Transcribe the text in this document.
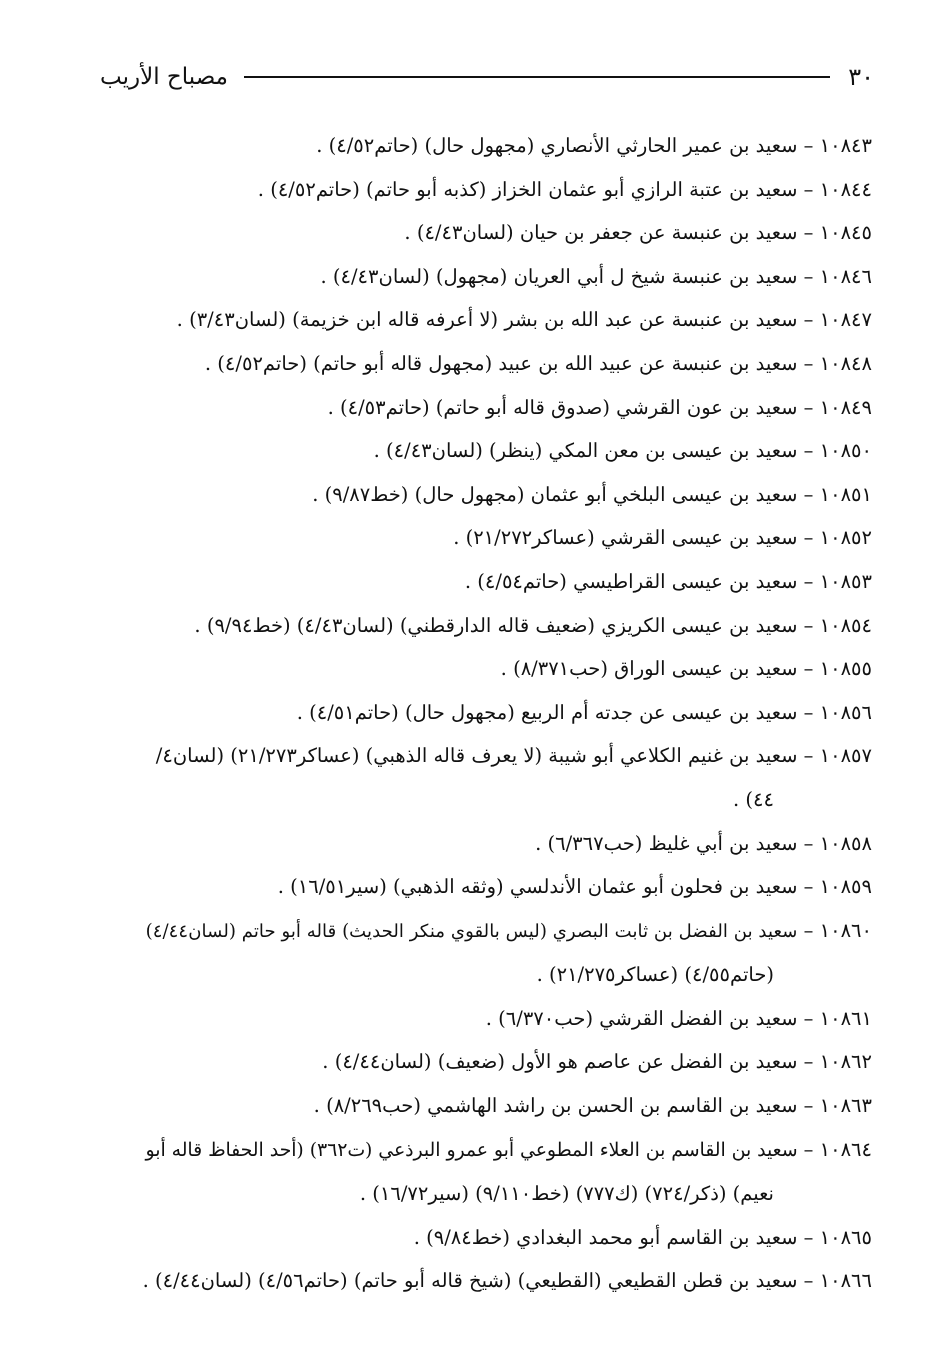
٣٠
مصباح الأريب
١٠٨٤٣ – سعيد بن عمير الحارثي الأنصاري (مجهول حال) (حاتم٤/٥٢) .
١٠٨٤٤ – سعيد بن عتبة الرازي أبو عثمان الخزاز (كذبه أبو حاتم) (حاتم٤/٥٢) .
١٠٨٤٥ – سعيد بن عنبسة عن جعفر بن حيان (لسان٤/٤٣) .
١٠٨٤٦ – سعيد بن عنبسة شيخ ل أبي العريان (مجهول) (لسان٤/٤٣) .
١٠٨٤٧ – سعيد بن عنبسة عن عبد الله بن بشر (لا أعرفه قاله ابن خزيمة) (لسان٣/٤٣) .
١٠٨٤٨ – سعيد بن عنبسة عن عبيد الله بن عبيد (مجهول قاله أبو حاتم) (حاتم٤/٥٢) .
١٠٨٤٩ – سعيد بن عون القرشي (صدوق قاله أبو حاتم) (حاتم٤/٥٣) .
١٠٨٥٠ – سعيد بن عيسى بن معن المكي (ينظر) (لسان٤/٤٣) .
١٠٨٥١ – سعيد بن عيسى البلخي أبو عثمان (مجهول حال) (خط٩/٨٧) .
١٠٨٥٢ – سعيد بن عيسى القرشي (عساكر٢١/٢٧٢) .
١٠٨٥٣ – سعيد بن عيسى القراطيسي (حاتم٤/٥٤) .
١٠٨٥٤ – سعيد بن عيسى الكريزي (ضعيف قاله الدارقطني) (لسان٤/٤٣) (خط٩/٩٤) .
١٠٨٥٥ – سعيد بن عيسى الوراق (حب٨/٣٧١) .
١٠٨٥٦ – سعيد بن عيسى عن جدته أم الربيع (مجهول حال) (حاتم٤/٥١) .
١٠٨٥٧ – سعيد بن غنيم الكلاعي أبو شيبة (لا يعرف قاله الذهبي) (عساكر٢١/٢٧٣) (لسان٤/
٤٤) .
١٠٨٥٨ – سعيد بن أبي غليظ (حب٦/٣٦٧) .
١٠٨٥٩ – سعيد بن فحلون أبو عثمان الأندلسي (وثقه الذهبي) (سير١٦/٥١) .
١٠٨٦٠ – سعيد بن الفضل بن ثابت البصري (ليس بالقوي منكر الحديث) قاله أبو حاتم (لسان٤/٤٤)
(حاتم٤/٥٥) (عساكر٢١/٢٧٥) .
١٠٨٦١ – سعيد بن الفضل القرشي (حب٦/٣٧٠) .
١٠٨٦٢ – سعيد بن الفضل عن عاصم هو الأول (ضعيف) (لسان٤/٤٤) .
١٠٨٦٣ – سعيد بن القاسم بن الحسن بن راشد الهاشمي (حب٨/٢٦٩) .
١٠٨٦٤ – سعيد بن القاسم بن العلاء المطوعي أبو عمرو البرذعي (ت٣٦٢) (أحد الحفاظ قاله أبو
نعيم) (ذكر/٧٢٤) (ك٧٧٧) (خط٩/١١٠) (سير١٦/٧٢) .
١٠٨٦٥ – سعيد بن القاسم أبو محمد البغدادي (خط٩/٨٤) .
١٠٨٦٦ – سعيد بن قطن القطيعي (القطيعي) (شيخ قاله أبو حاتم) (حاتم٤/٥٦) (لسان٤/٤٤) .
